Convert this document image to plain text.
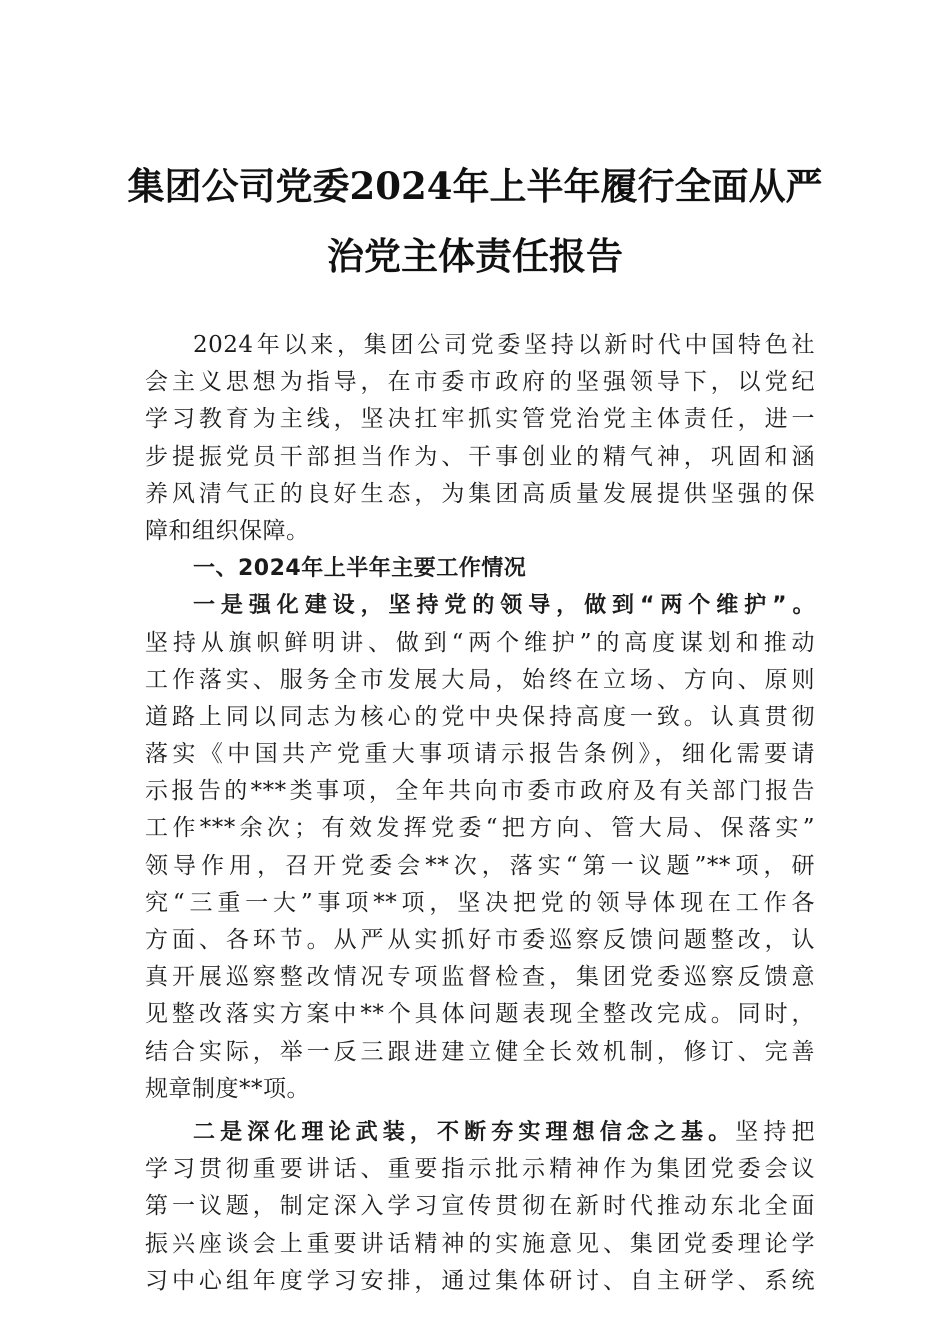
集团公司党委2024年上半年履行全面从严
治党主体责任报告
2024年以来，集团公司党委坚持以新时代中国特色社
会主义思想为指导，在市委市政府的坚强领导下，以党纪
学习教育为主线，坚决扛牢抓实管党治党主体责任，进一
步提振党员干部担当作为、干事创业的精气神，巩固和涵
养风清气正的良好生态，为集团高质量发展提供坚强的保
障和组织保障。
一、2024年上半年主要工作情况
一是强化建设，坚持党的领导，做到“两个维护”。
坚持从旗帜鲜明讲、做到“两个维护”的高度谋划和推动
工作落实、服务全市发展大局，始终在立场、方向、原则
道路上同以同志为核心的党中央保持高度一致。认真贯彻
落实《中国共产党重大事项请示报告条例》，细化需要请
示报告的***类事项，全年共向市委市政府及有关部门报告
工作***余次；有效发挥党委“把方向、管大局、保落实”
领导作用，召开党委会**次，落实“第一议题”**项，研
究“三重一大”事项**项，坚决把党的领导体现在工作各
方面、各环节。从严从实抓好市委巡察反馈问题整改，认
真开展巡察整改情况专项监督检查，集团党委巡察反馈意
见整改落实方案中**个具体问题表现全整改完成。同时，
结合实际，举一反三跟进建立健全长效机制，修订、完善
规章制度**项。
二是深化理论武装，不断夯实理想信念之基。坚持把
学习贯彻重要讲话、重要指示批示精神作为集团党委会议
第一议题，制定深入学习宣传贯彻在新时代推动东北全面
振兴座谈会上重要讲话精神的实施意见、集团党委理论学
习中心组年度学习安排，通过集体研讨、自主研学、系统
